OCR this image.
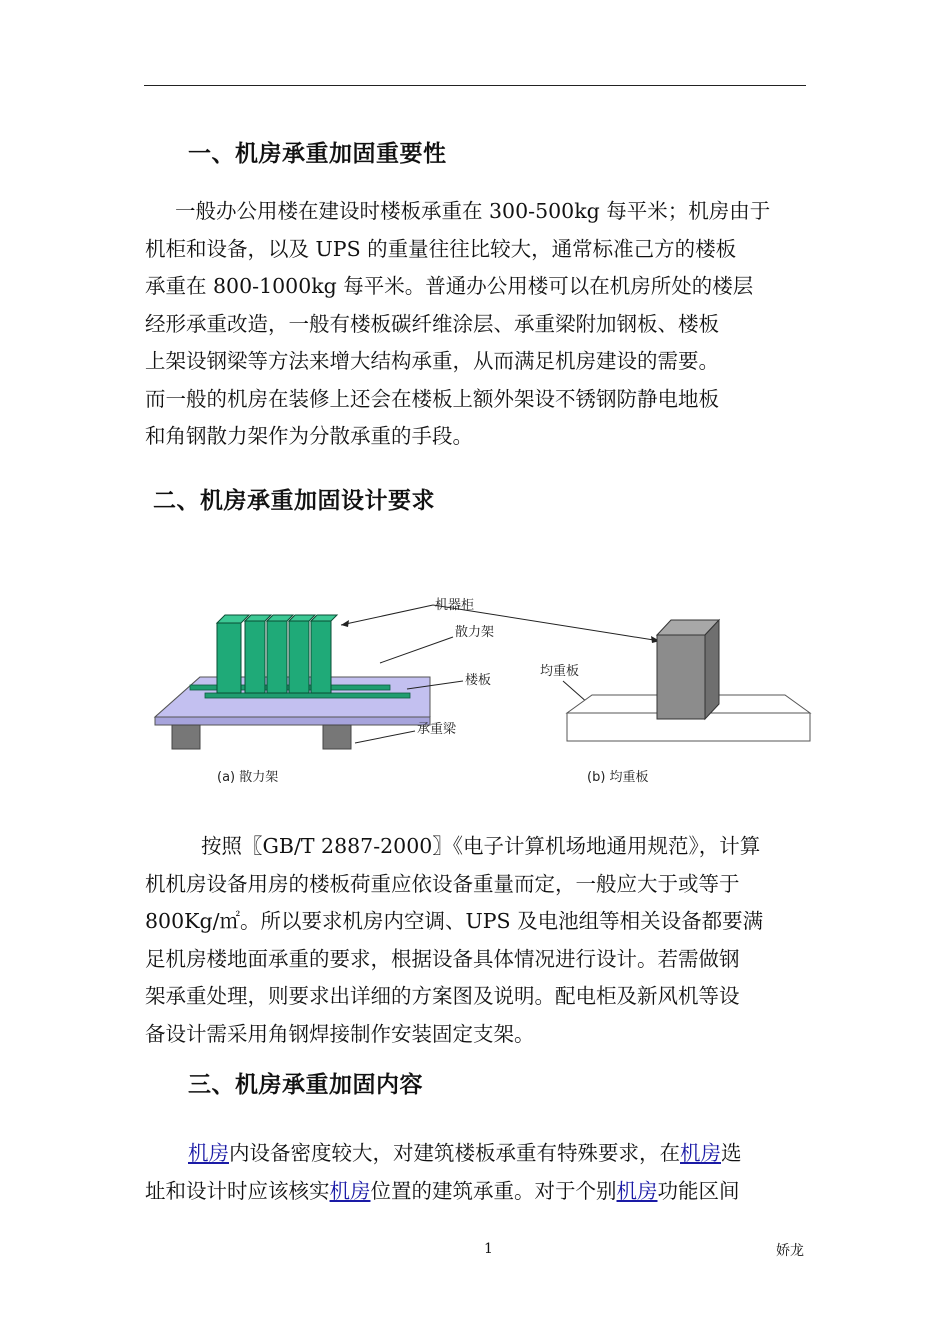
一、机房承重加固重要性
一般办公用楼在建设时楼板承重在 300-500kg 每平米；机房由于
机柜和设备，以及 UPS 的重量往往比较大，通常标准己方的楼板
承重在 800-1000kg 每平米。普通办公用楼可以在机房所处的楼层
经形承重改造，一般有楼板碳纤维涂层、承重梁附加钢板、楼板
上架设钢梁等方法来增大结构承重，从而满足机房建设的需要。
而一般的机房在装修上还会在楼板上额外架设不锈钢防静电地板
和角钢散力架作为分散承重的手段。
二、机房承重加固设计要求
机器柜
散力架
楼板
承重梁
(a) 散力架
均重板
(b) 均重板
按照〖GB/T 2887-2000〗《电子计算机场地通用规范》，计算
机机房设备用房的楼板荷重应依设备重量而定，一般应大于或等于
800Kg/㎡。所以要求机房内空调、UPS 及电池组等相关设备都要满
足机房楼地面承重的要求，根据设备具体情况进行设计。若需做钢
架承重处理，则要求出详细的方案图及说明。配电柜及新风机等设
备设计需采用角钢焊接制作安装固定支架。
三、机房承重加固内容
机房内设备密度较大，对建筑楼板承重有特殊要求，在机房选
址和设计时应该核实机房位置的建筑承重。对于个别机房功能区间
1	娇龙
